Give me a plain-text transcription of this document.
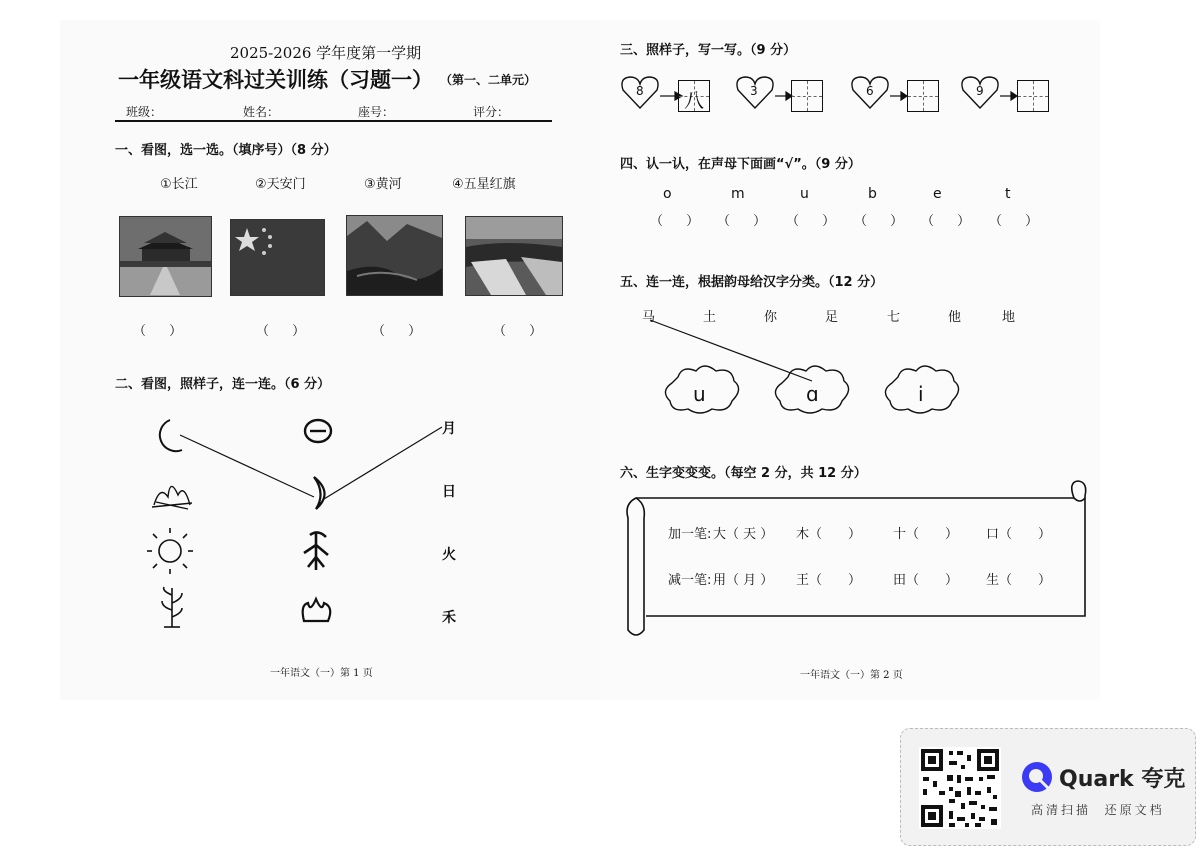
2025-2026 学年度第一学期
一年级语文科过关训练（习题一） （第一、二单元）
班级：	姓名：	座号：	评分：
一、看图，选一选。（填序号）（8 分）
①长江	②天安门	③黄河	④五星红旗
（　 ）	（　 ）	（　 ）	（　 ）
二、看图，照样子，连一连。（6 分）
月
日
火
禾
一年语文（一）第 1 页
三、照样子，写一写。（9 分）
8	3	6	9
八
四、认一认，在声母下面画“√”。（9 分）
o	m	u	b	e	t
（　 ） （　 ） （　 ） （　 ） （　 ） （　 ）
五、连一连，根据韵母给汉字分类。（12 分）
马	土	你	足	七	他	地
u	ɑ	i
六、生字变变变。（每空 2 分，共 12 分）
加一笔: 大（ 天 ） 木（　　） 十（　　） 口（　　）
减一笔: 用（ 月 ） 王（　　） 田（　　） 生（　　）
一年语文（一）第 2 页
Quark 夸克
高清扫描  还原文档
